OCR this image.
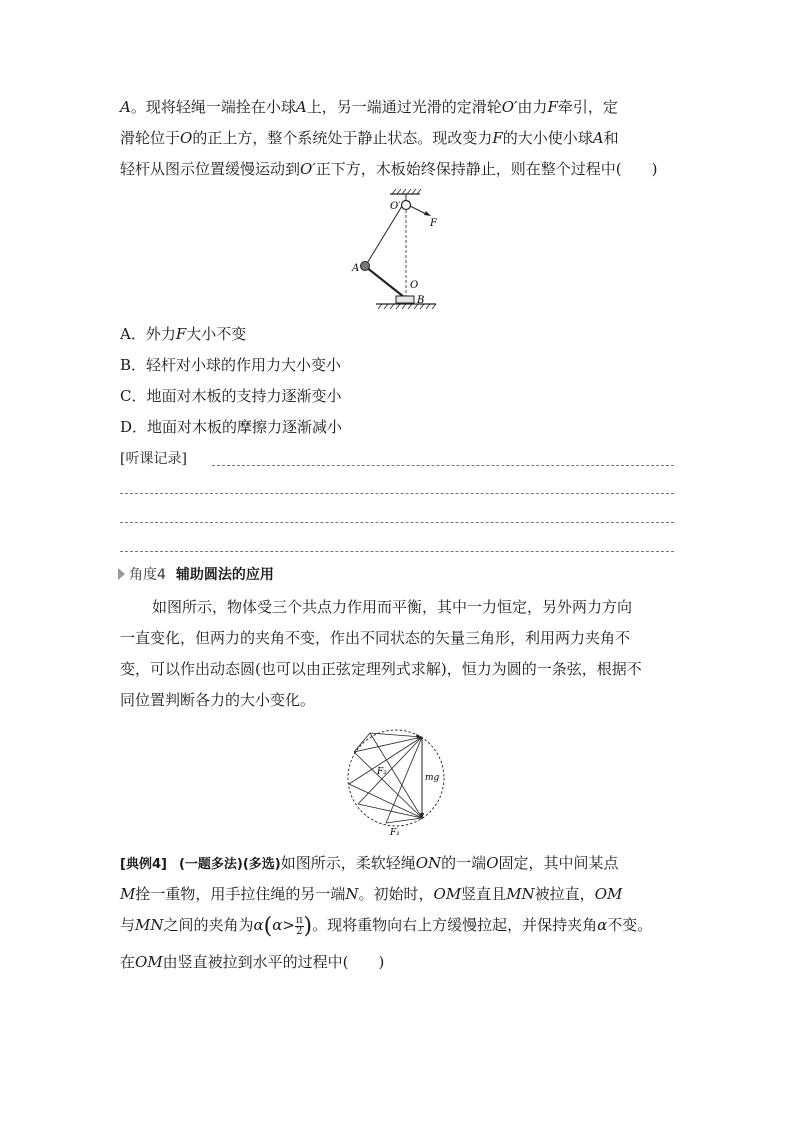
A。现将轻绳一端拴在小球A上，另一端通过光滑的定滑轮O′由力F牵引，定
滑轮位于O的正上方，整个系统处于静止状态。现改变力F的大小使小球A和
轻杆从图示位置缓慢运动到O′正下方，木板始终保持静止，则在整个过程中(　　)
O′
F
A
O
B
A．外力F大小不变
B．轻杆对小球的作用力大小变小
C．地面对木板的支持力逐渐变小
D．地面对木板的摩擦力逐渐减小
[听课记录]
角度4 辅助圆法的应用
如图所示，物体受三个共点力作用而平衡，其中一力恒定，另外两力方向
一直变化，但两力的夹角不变，作出不同状态的矢量三角形，利用两力夹角不
变，可以作出动态圆(也可以由正弦定理列式求解)，恒力为圆的一条弦，根据不
同位置判断各力的大小变化。
F₂
mg
F₁
[典例4] (一题多法)(多选)如图所示，柔软轻绳ON的一端O固定，其中间某点
M拴一重物，用手拉住绳的另一端N。初始时，OM竖直且MN被拉直，OM
与MN之间的夹角为$\alpha(\alpha> \frac{\pi}{2}$ )。现将重物向右上方缓慢拉起，并保持夹角α不变。
在OM由竖直被拉到水平的过程中(　　)
